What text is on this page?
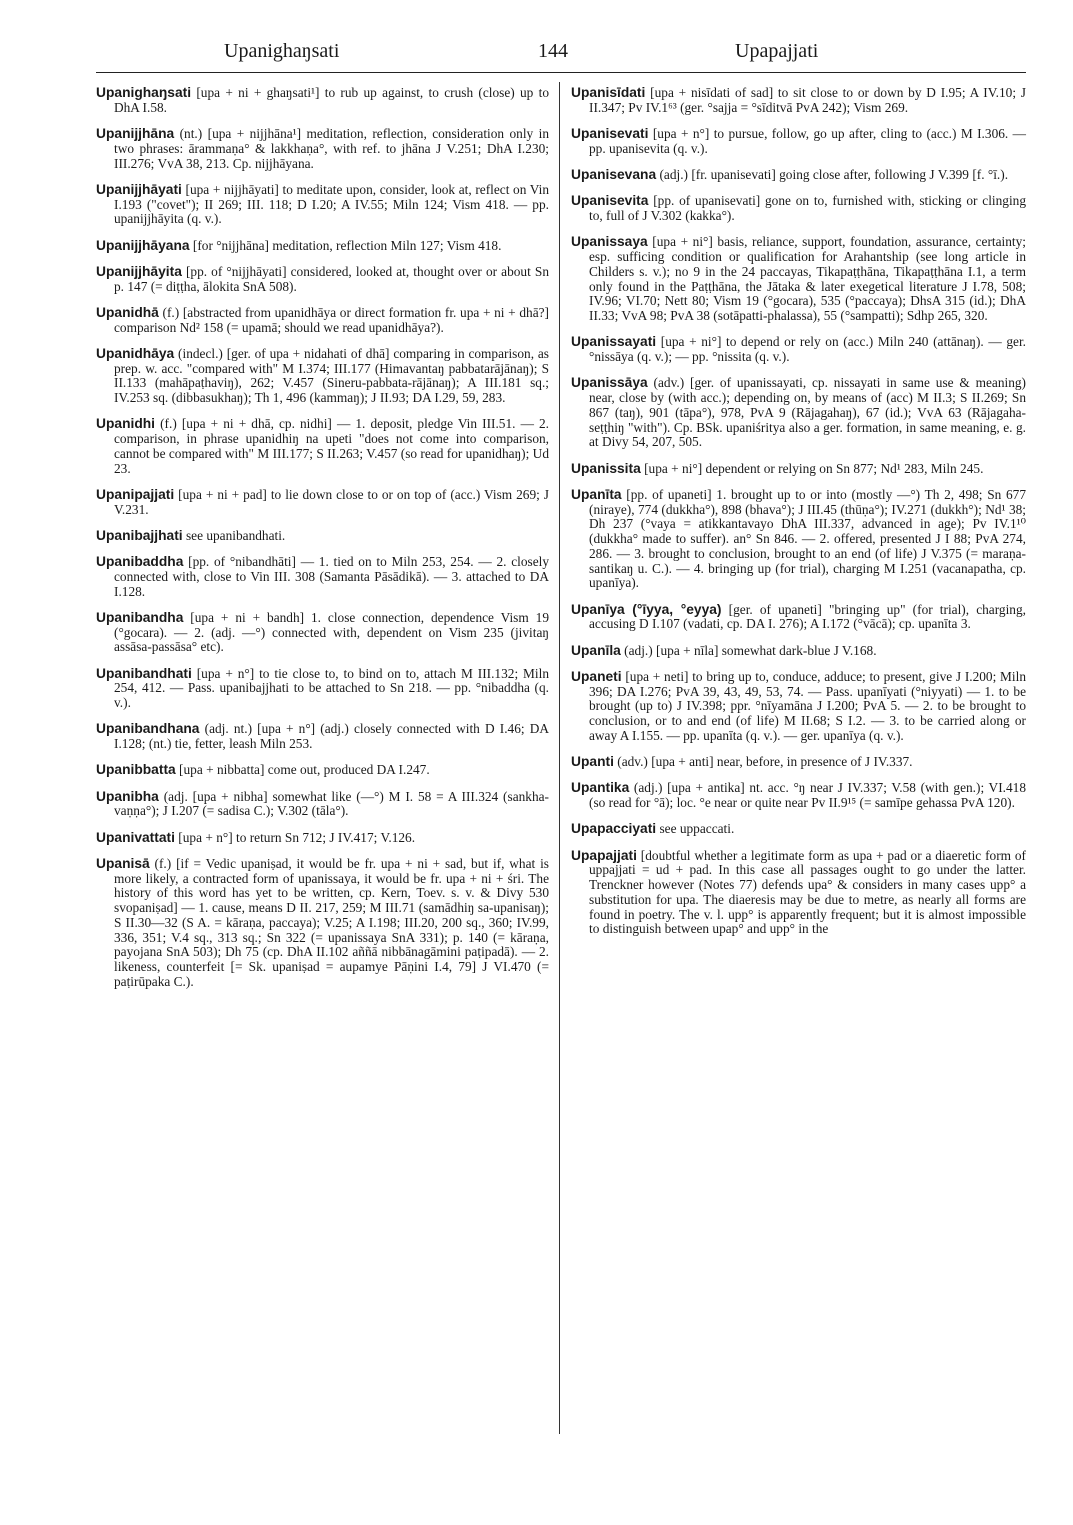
Upanighaŋsati	144	Upapajjati

Upanighaŋsati [upa + ni + ghaŋsati¹] to rub up against, to crush (close) up to DhA I.58.

Upanijjhāna (nt.) [upa + nijjhāna¹] meditation, reflection, consideration only in two phrases: ārammaṇa° & lakkhaṇa°, with ref. to jhāna J V.251; DhA I.230; III.276; VvA 38, 213. Cp. nijjhāyana.

Upanijjhāyati [upa + nijjhāyati] to meditate upon, consider, look at, reflect on Vin I.193 ("covet"); II 269; III. 118; D I.20; A IV.55; Miln 124; Vism 418. — pp. upanijjhāyita (q. v.).

Upanijjhāyana [for °nijjhāna] meditation, reflection Miln 127; Vism 418.

Upanijjhāyita [pp. of °nijjhāyati] considered, looked at, thought over or about Sn p. 147 (= diṭṭha, ālokita SnA 508).

Upanidhā (f.) [abstracted from upanidhāya or direct formation fr. upa + ni + dhā?] comparison Nd² 158 (= upamā; should we read upanidhāya?).

Upanidhāya (indecl.) [ger. of upa + nidahati of dhā] comparing in comparison, as prep. w. acc. "compared with" M I.374; III.177 (Himavantaŋ pabbatarājānaŋ); S II.133 (mahāpaṭhaviŋ), 262; V.457 (Sineru-pabbata-rājānaŋ); A III.181 sq.; IV.253 sq. (dibbasukhaŋ); Th 1, 496 (kammaŋ); J II.93; DA I.29, 59, 283.

Upanidhi (f.) [upa + ni + dhā, cp. nidhi] — 1. deposit, pledge Vin III.51. — 2. comparison, in phrase upanidhiŋ na upeti "does not come into comparison, cannot be compared with" M III.177; S II.263; V.457 (so read for upanidhaŋ); Ud 23.

Upanipajjati [upa + ni + pad] to lie down close to or on top of (acc.) Vism 269; J V.231.

Upanibajjhati see upanibandhati.

Upanibaddha [pp. of °nibandhāti] — 1. tied on to Miln 253, 254. — 2. closely connected with, close to Vin III. 308 (Samanta Pāsādikā). — 3. attached to DA I.128.

Upanibandha [upa + ni + bandh] 1. close connection, dependence Vism 19 (°gocara). — 2. (adj. —°) connected with, dependent on Vism 235 (jivitaŋ assāsa-passāsa° etc).

Upanibandhati [upa + n°] to tie close to, to bind on to, attach M III.132; Miln 254, 412. — Pass. upanibajjhati to be attached to Sn 218. — pp. °nibaddha (q. v.).

Upanibandhana (adj. nt.) [upa + n°] (adj.) closely connected with D I.46; DA I.128; (nt.) tie, fetter, leash Miln 253.

Upanibbatta [upa + nibbatta] come out, produced DA I.247.

Upanibha (adj. [upa + nibha] somewhat like (—°) M I. 58 = A III.324 (sankha-vaṇṇa°); J I.207 (= sadisa C.); V.302 (tāla°).

Upanivattati [upa + n°] to return Sn 712; J IV.417; V.126.

Upanisā (f.) [if = Vedic upaniṣad, it would be fr. upa + ni + sad, but if, what is more likely, a contracted form of upanissaya, it would be fr. upa + ni + śri. The history of this word has yet to be written, cp. Kern, Toev. s. v. & Divy 530 svopaniṣad] — 1. cause, means D II. 217, 259; M III.71 (samādhiŋ sa-upanisaŋ); S II.30—32 (S A. = kāraṇa, paccaya); V.25; A I.198; III.20, 200 sq., 360; IV.99, 336, 351; V.4 sq., 313 sq.; Sn 322 (= upanissaya SnA 331); p. 140 (= kāraṇa, payojana SnA 503); Dh 75 (cp. DhA II.102 aññā nibbānagāmini paṭipadā). — 2. likeness, counterfeit [= Sk. upaniṣad = aupamye Pāṇini I.4, 79] J VI.470 (= paṭirūpaka C.).

Upanisīdati [upa + nisīdati of sad] to sit close to or down by D I.95; A IV.10; J II.347; Pv IV.1⁶³ (ger. °sajja = °sīditvā PvA 242); Vism 269.

Upanisevati [upa + n°] to pursue, follow, go up after, cling to (acc.) M I.306. — pp. upanisevita (q. v.).

Upanisevana (adj.) [fr. upanisevati] going close after, following J V.399 [f. °ī.).

Upanisevita [pp. of upanisevati] gone on to, furnished with, sticking or clinging to, full of J V.302 (kakka°).

Upanissaya [upa + ni°] basis, reliance, support, foundation, assurance, certainty; esp. sufficing condition or qualification for Arahantship (see long article in Childers s. v.); no 9 in the 24 paccayas, Tikapaṭṭhāna, Tikapaṭṭhāna I.1, a term only found in the Paṭṭhāna, the Jātaka & later exegetical literature J I.78, 508; IV.96; VI.70; Nett 80; Vism 19 (°gocara), 535 (°paccaya); DhsA 315 (id.); DhA II.33; VvA 98; PvA 38 (sotāpatti-phalassa), 55 (°sampatti); Sdhp 265, 320.

Upanissayati [upa + ni°] to depend or rely on (acc.) Miln 240 (attānaŋ). — ger. °nissāya (q. v.); — pp. °nissita (q. v.).

Upanissāya (adv.) [ger. of upanissayati, cp. nissayati in same use & meaning) near, close by (with acc.); depending on, by means of (acc) M II.3; S II.269; Sn 867 (taŋ), 901 (tāpa°), 978, PvA 9 (Rājagahaŋ), 67 (id.); VvA 63 (Rājagaha-seṭṭhiŋ "with"). Cp. BSk. upaniśritya also a ger. formation, in same meaning, e. g. at Divy 54, 207, 505.

Upanissita [upa + ni°] dependent or relying on Sn 877; Nd¹ 283, Miln 245.

Upanīta [pp. of upaneti] 1. brought up to or into (mostly —°) Th 2, 498; Sn 677 (niraye), 774 (dukkha°), 898 (bhava°); J III.45 (thūṇa°); IV.271 (dukkh°); Nd¹ 38; Dh 237 (°vaya = atikkantavayo DhA III.337, advanced in age); Pv IV.1¹⁰ (dukkha° made to suffer). an° Sn 846. — 2. offered, presented J I 88; PvA 274, 286. — 3. brought to conclusion, brought to an end (of life) J V.375 (= maraṇa-santikaŋ u. C.). — 4. bringing up (for trial), charging M I.251 (vacanapatha, cp. upanīya).

Upanīya (°īyya, °eyya) [ger. of upaneti] "bringing up" (for trial), charging, accusing D I.107 (vadati, cp. DA I. 276); A I.172 (°vācā); cp. upanīta 3.

Upanīla (adj.) [upa + nīla] somewhat dark-blue J V.168.

Upaneti [upa + neti] to bring up to, conduce, adduce; to present, give J I.200; Miln 396; DA I.276; PvA 39, 43, 49, 53, 74. — Pass. upanīyati (°niyyati) — 1. to be brought (up to) J IV.398; ppr. °nīyamāna J I.200; PvA 5. — 2. to be brought to conclusion, or to and end (of life) M II.68; S I.2. — 3. to be carried along or away A I.155. — pp. upanīta (q. v.). — ger. upanīya (q. v.).

Upanti (adv.) [upa + anti] near, before, in presence of J IV.337.

Upantika (adj.) [upa + antika] nt. acc. °ŋ near J IV.337; V.58 (with gen.); VI.418 (so read for °ā); loc. °e near or quite near Pv II.9¹⁵ (= samīpe gehassa PvA 120).

Upapacciyati see uppaccati.

Upapajjati [doubtful whether a legitimate form as upa + pad or a diaeretic form of uppajjati = ud + pad. In this case all passages ought to go under the latter. Trenckner however (Notes 77) defends upa° & considers in many cases upp° a substitution for upa. The diaeresis may be due to metre, as nearly all forms are found in poetry. The v. l. upp° is apparently frequent; but it is almost impossible to distinguish between upap° and upp° in the
